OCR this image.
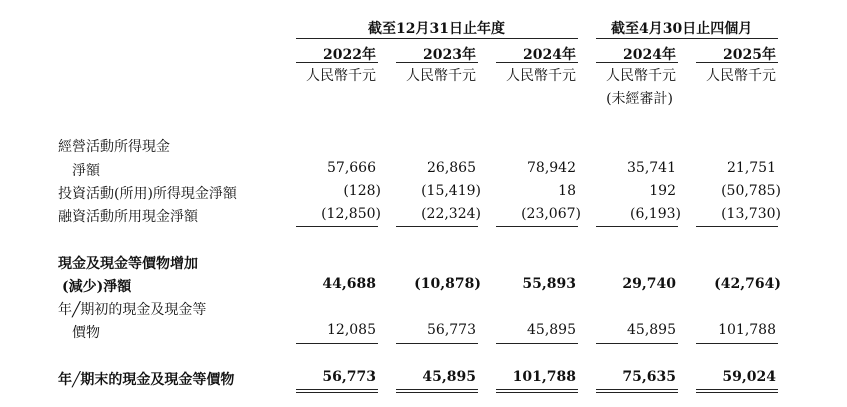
截至12月31日止年度	截至4月30日止四個月
2022年	2023年	2024年	2024年	2025年
人民幣千元 人民幣千元 人民幣千元 人民幣千元 人民幣千元
(未經審計)
經營活動所得現金
淨額	57,666	26,865	78,942	35,741	21,751
投資活動(所用)所得現金淨額	(128)	(15,419)	18	192	(50,785)
融資活動所用現金淨額	(12,850)	(22,324)	(23,067)	(6,193)	(13,730)
現金及現金等價物增加
(減少)淨額	44,688	(10,878)	55,893	29,740	(42,764)
年╱期初的現金及現金等
價物	12,085	56,773	45,895	45,895	101,788
年╱期末的現金及現金等價物	56,773	45,895	101,788	75,635	59,024
